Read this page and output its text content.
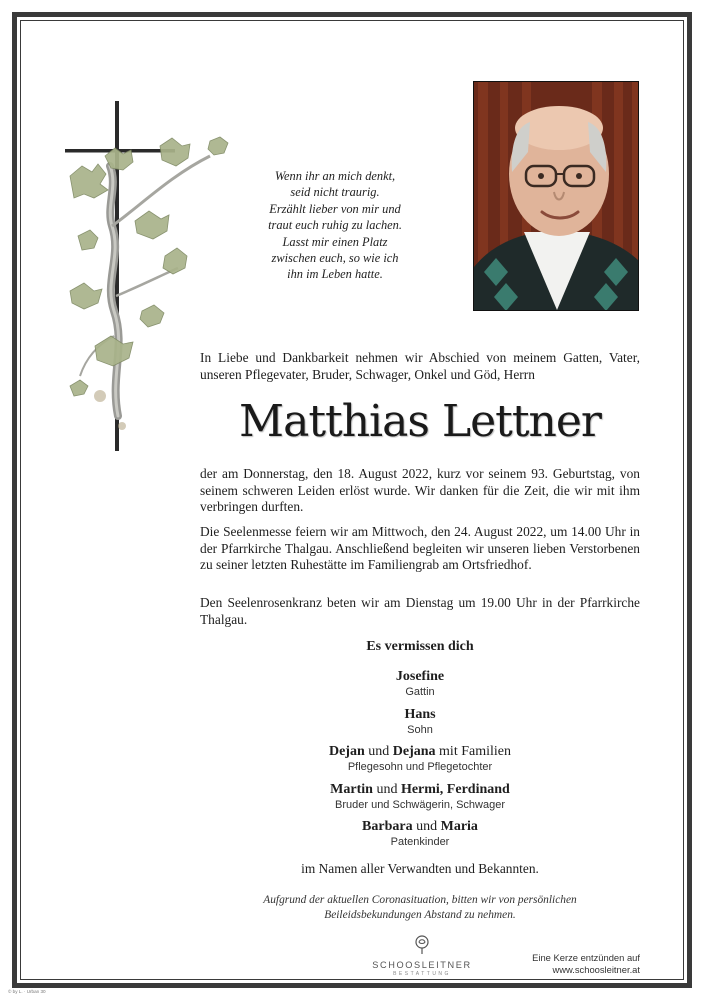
Wenn ihr an mich denkt,
seid nicht traurig.
Erzählt lieber von mir und
traut euch ruhig zu lachen.
Lasst mir einen Platz
zwischen euch, so wie ich
ihn im Leben hatte.
In Liebe und Dankbarkeit nehmen wir Abschied von meinem Gatten, Vater, unseren Pflegevater, Bruder, Schwager, Onkel und Göd, Herrn
Matthias Lettner
der am Donnerstag, den 18. August 2022, kurz vor seinem 93. Geburtstag, von seinem schweren Leiden erlöst wurde. Wir danken für die Zeit, die wir mit ihm verbringen durften.
Die Seelenmesse feiern wir am Mittwoch, den 24. August 2022, um 14.00 Uhr in der Pfarrkirche Thalgau. Anschließend begleiten wir unseren lieben Verstorbenen zu seiner letzten Ruhestätte im Familiengrab am Ortsfriedhof.
Den Seelenrosenkranz beten wir am Dienstag um 19.00 Uhr in der Pfarrkirche Thalgau.
Es vermissen dich
Josefine
Gattin
Hans
Sohn
Dejan und Dejana mit Familien
Pflegesohn und Pflegetochter
Martin und Hermi, Ferdinand
Bruder und Schwägerin, Schwager
Barbara und Maria
Patenkinder
im Namen aller Verwandten und Bekannten.
Aufgrund der aktuellen Coronasituation, bitten wir von persönlichen
Beileidsbekundungen Abstand zu nehmen.
SCHOOSLEITNER
BESTATTUNG
Eine Kerze entzünden auf
www.schoosleitner.at
© by L. · Urban 30
